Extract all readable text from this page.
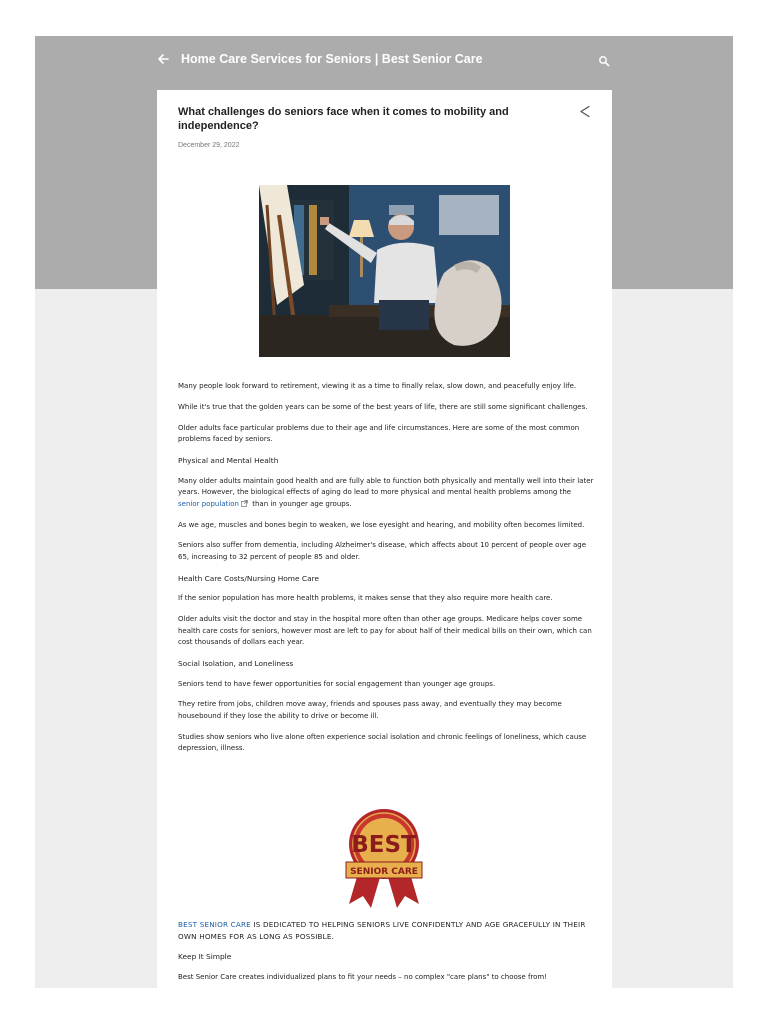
Home Care Services for Seniors | Best Senior Care
What challenges do seniors face when it comes to mobility and independence?
December 29, 2022

Many people look forward to retirement, viewing it as a time to finally relax, slow down, and peacefully enjoy life.

While it's true that the golden years can be some of the best years of life, there are still some significant challenges.

Older adults face particular problems due to their age and life circumstances. Here are some of the most common problems faced by seniors.

Physical and Mental Health

Many older adults maintain good health and are fully able to function both physically and mentally well into their later years. However, the biological effects of aging do lead to more physical and mental health problems among the senior population than in younger age groups.

As we age, muscles and bones begin to weaken, we lose eyesight and hearing, and mobility often becomes limited.

Seniors also suffer from dementia, including Alzheimer's disease, which affects about 10 percent of people over age 65, increasing to 32 percent of people 85 and older.

Health Care Costs/Nursing Home Care

If the senior population has more health problems, it makes sense that they also require more health care.

Older adults visit the doctor and stay in the hospital more often than other age groups. Medicare helps cover some health care costs for seniors, however most are left to pay for about half of their medical bills on their own, which can cost thousands of dollars each year.

Social Isolation, and Loneliness

Seniors tend to have fewer opportunities for social engagement than younger age groups.

They retire from jobs, children move away, friends and spouses pass away, and eventually they may become housebound if they lose the ability to drive or become ill.

Studies show seniors who live alone often experience social isolation and chronic feelings of loneliness, which cause depression, illness.

BEST
SENIOR CARE

BEST SENIOR CARE IS DEDICATED TO HELPING SENIORS LIVE CONFIDENTLY AND AGE GRACEFULLY IN THEIR OWN HOMES FOR AS LONG AS POSSIBLE.

Keep It Simple

Best Senior Care creates individualized plans to fit your needs – no complex "care plans" to choose from!
